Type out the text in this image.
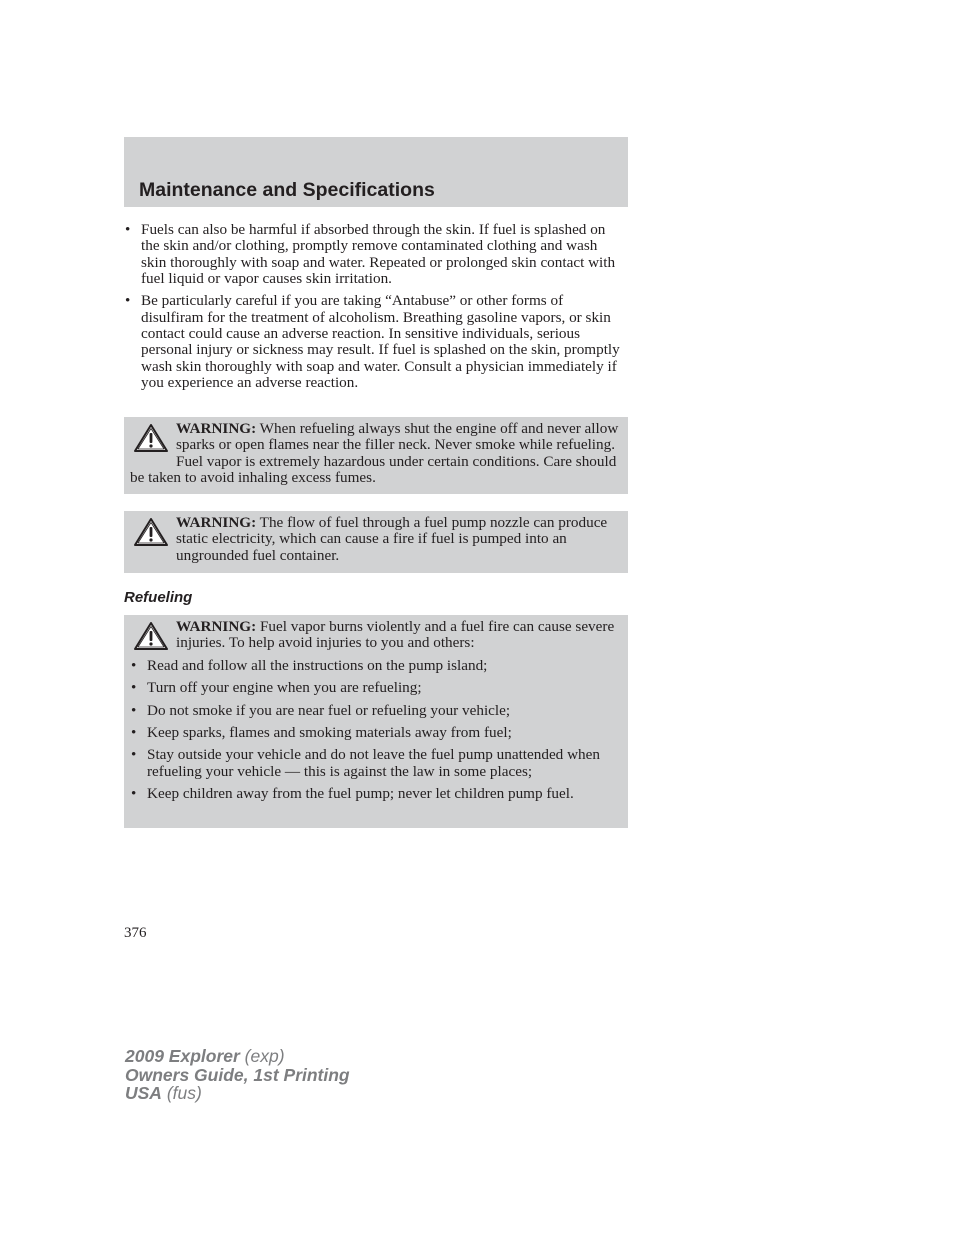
Maintenance and Specifications
• Fuels can also be harmful if absorbed through the skin. If fuel is splashed on the skin and/or clothing, promptly remove contaminated clothing and wash skin thoroughly with soap and water. Repeated or prolonged skin contact with fuel liquid or vapor causes skin irritation.
• Be particularly careful if you are taking “Antabuse” or other forms of disulfiram for the treatment of alcoholism. Breathing gasoline vapors, or skin contact could cause an adverse reaction. In sensitive individuals, serious personal injury or sickness may result. If fuel is splashed on the skin, promptly wash skin thoroughly with soap and water. Consult a physician immediately if you experience an adverse reaction.
WARNING: When refueling always shut the engine off and never allow sparks or open flames near the filler neck. Never smoke while refueling. Fuel vapor is extremely hazardous under certain conditions. Care should be taken to avoid inhaling excess fumes.
WARNING: The flow of fuel through a fuel pump nozzle can produce static electricity, which can cause a fire if fuel is pumped into an ungrounded fuel container.
Refueling
WARNING: Fuel vapor burns violently and a fuel fire can cause severe injuries. To help avoid injuries to you and others:
• Read and follow all the instructions on the pump island;
• Turn off your engine when you are refueling;
• Do not smoke if you are near fuel or refueling your vehicle;
• Keep sparks, flames and smoking materials away from fuel;
• Stay outside your vehicle and do not leave the fuel pump unattended when refueling your vehicle — this is against the law in some places;
• Keep children away from the fuel pump; never let children pump fuel.
376
2009 Explorer (exp)
Owners Guide, 1st Printing
USA (fus)
